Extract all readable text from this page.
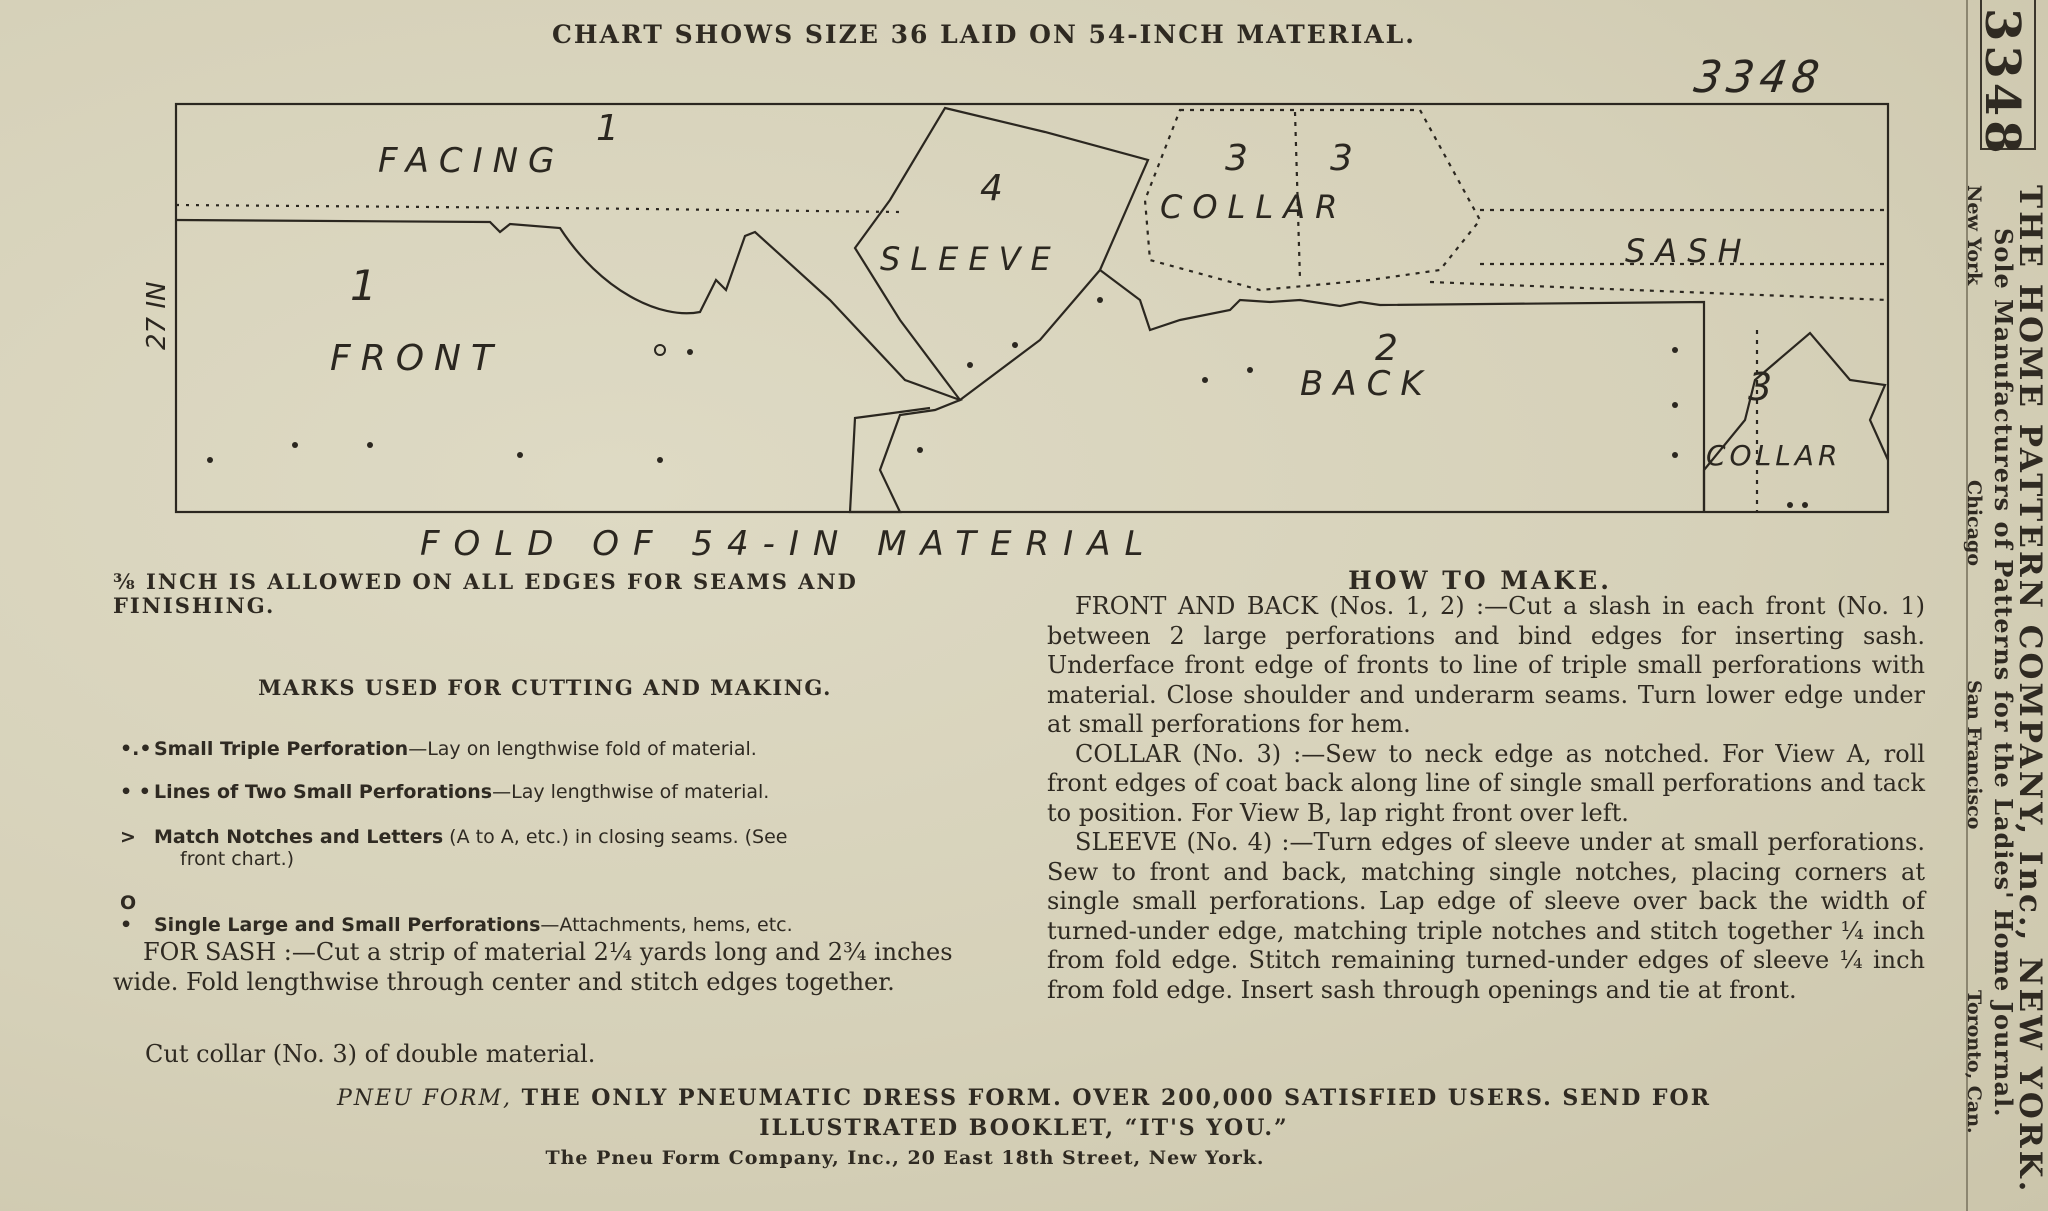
CHART SHOWS SIZE 36 LAID ON 54-INCH MATERIAL.
3348
1
FACING
1
FRONT
4
SLEEVE
3 3
COLLAR
SASH
2
BACK	3
COLLAR
FOLD OF 54-IN MATERIAL
27 IN
⅜ INCH IS ALLOWED ON ALL EDGES FOR SEAMS AND FINISHING.
MARKS USED FOR CUTTING AND MAKING.
•.• Small Triple Perforation—Lay on lengthwise fold of material.
• • Lines of Two Small Perforations—Lay lengthwise of material.
> Match Notches and Letters (A to A, etc.) in closing seams. (See
front chart.)
O • Single Large and Small Perforations—Attachments, hems, etc.
FOR SASH :—Cut a strip of material 2¼ yards long and 2¾ inches wide. Fold lengthwise through center and stitch edges together.
Cut collar (No. 3) of double material.
HOW TO MAKE.

FRONT AND BACK (Nos. 1, 2) :—Cut a slash in each front (No. 1) between 2 large perforations and bind edges for inserting sash. Underface front edge of fronts to line of triple small perforations with material. Close shoulder and underarm seams. Turn lower edge under at small perforations for hem.

COLLAR (No. 3) :—Sew to neck edge as notched. For View A, roll front edges of coat back along line of single small perforations and tack to position. For View B, lap right front over left.

SLEEVE (No. 4) :—Turn edges of sleeve under at small perforations. Sew to front and back, matching single notches, placing corners at single small perforations. Lap edge of sleeve over back the width of turned-under edge, matching triple notches and stitch together ¼ inch from fold edge. Stitch remaining turned-under edges of sleeve ¼ inch from fold edge. Insert sash through openings and tie at front.

PNEU FORM, THE ONLY PNEUMATIC DRESS FORM. OVER 200,000 SATISFIED USERS. SEND FOR
ILLUSTRATED BOOKLET, “IT'S YOU.”
The Pneu Form Company, Inc., 20 East 18th Street, New York.
3348
THE HOME PATTERN COMPANY, Inc., NEW YORK.
Sole Manufacturers of Patterns for the Ladies' Home Journal.
New York
Chicago
San Francisco
Toronto, Can.
